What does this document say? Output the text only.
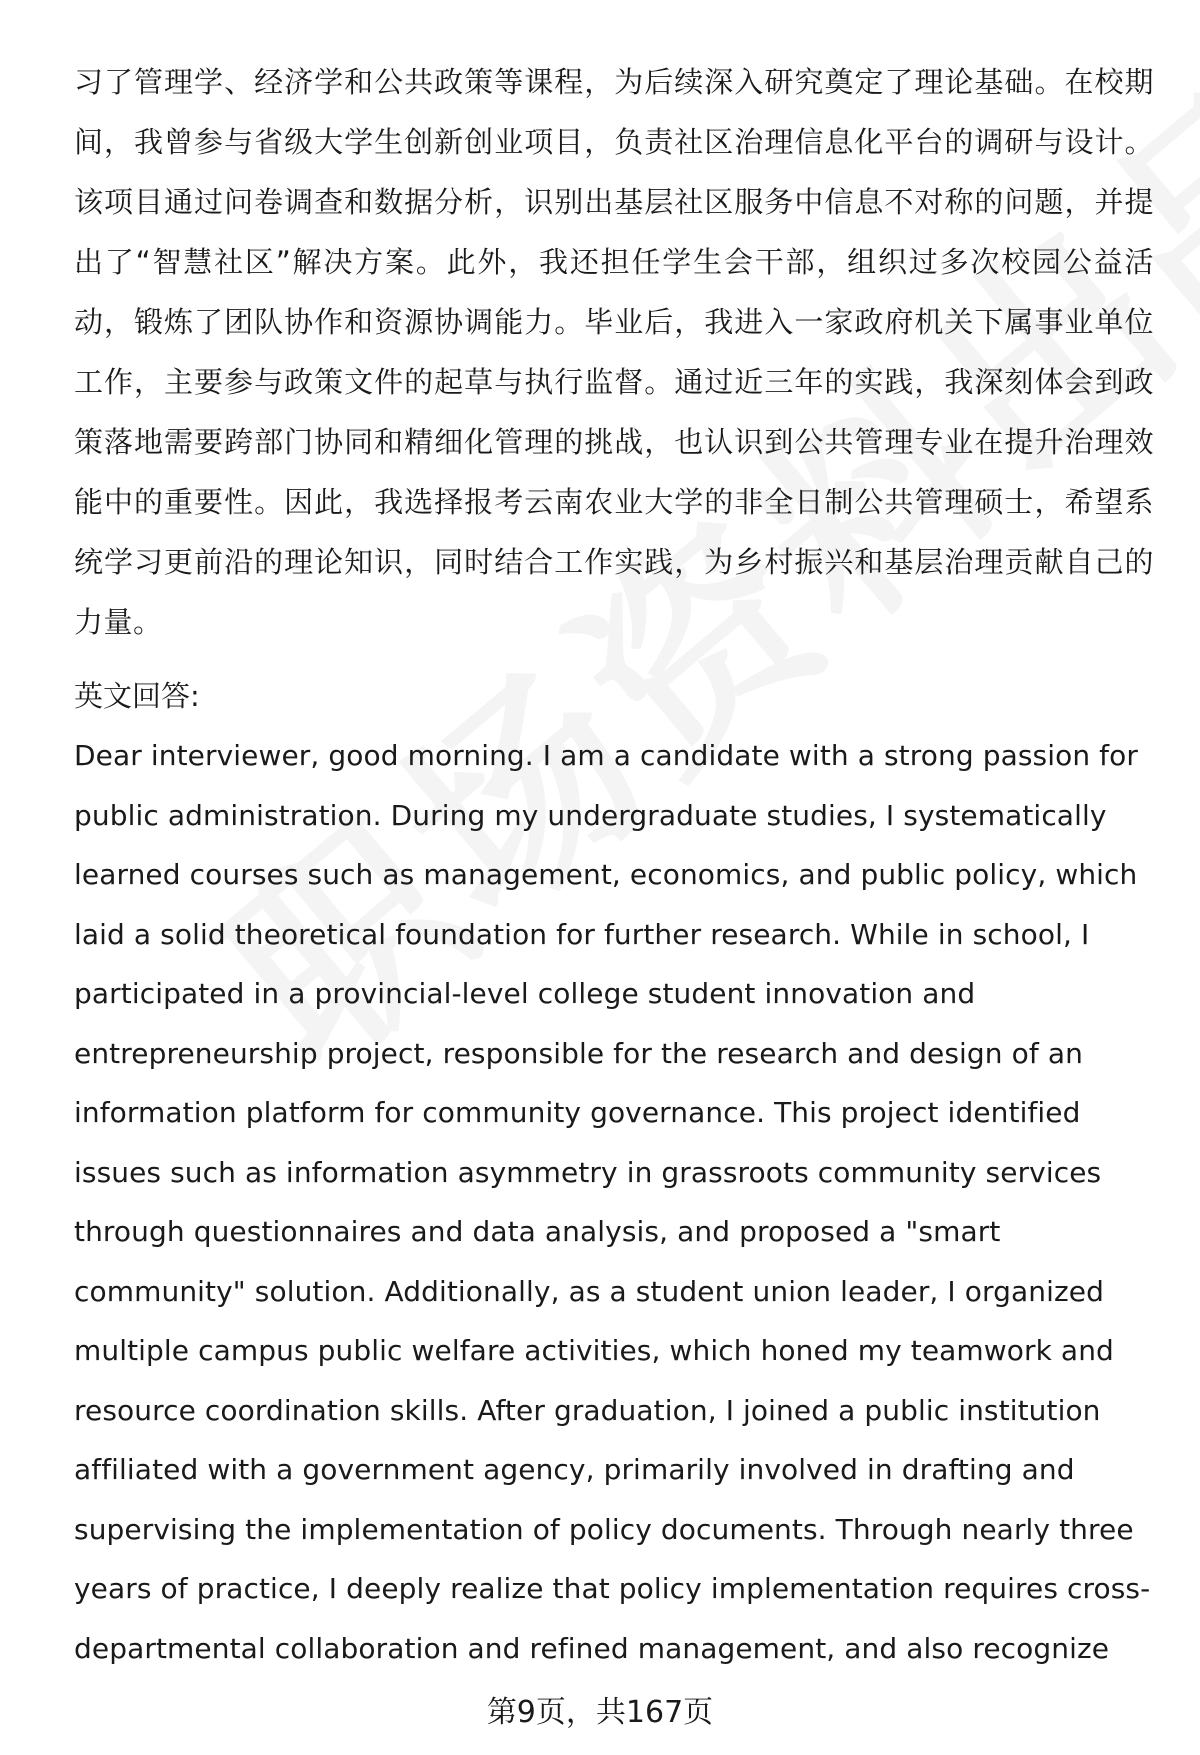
习了管理学、经济学和公共政策等课程，为后续深入研究奠定了理论基础。在校期间，我曾参与省级大学生创新创业项目，负责社区治理信息化平台的调研与设计。该项目通过问卷调查和数据分析，识别出基层社区服务中信息不对称的问题，并提出了“智慧社区”解决方案。此外，我还担任学生会干部，组织过多次校园公益活动，锻炼了团队协作和资源协调能力。毕业后，我进入一家政府机关下属事业单位工作，主要参与政策文件的起草与执行监督。通过近三年的实践，我深刻体会到政策落地需要跨部门协同和精细化管理的挑战，也认识到公共管理专业在提升治理效能中的重要性。因此，我选择报考云南农业大学的非全日制公共管理硕士，希望系统学习更前沿的理论知识，同时结合工作实践，为乡村振兴和基层治理贡献自己的力量。

英文回答:
Dear interviewer, good morning. I am a candidate with a strong passion for
public administration. During my undergraduate studies, I systematically
learned courses such as management, economics, and public policy, which
laid a solid theoretical foundation for further research. While in school, I
participated in a provincial-level college student innovation and
entrepreneurship project, responsible for the research and design of an
information platform for community governance. This project identified
issues such as information asymmetry in grassroots community services
through questionnaires and data analysis, and proposed a "smart
community" solution. Additionally, as a student union leader, I organized
multiple campus public welfare activities, which honed my teamwork and
resource coordination skills. After graduation, I joined a public institution
affiliated with a government agency, primarily involved in drafting and
supervising the implementation of policy documents. Through nearly three
years of practice, I deeply realize that policy implementation requires cross-
departmental collaboration and refined management, and also recognize
第9页，共167页
